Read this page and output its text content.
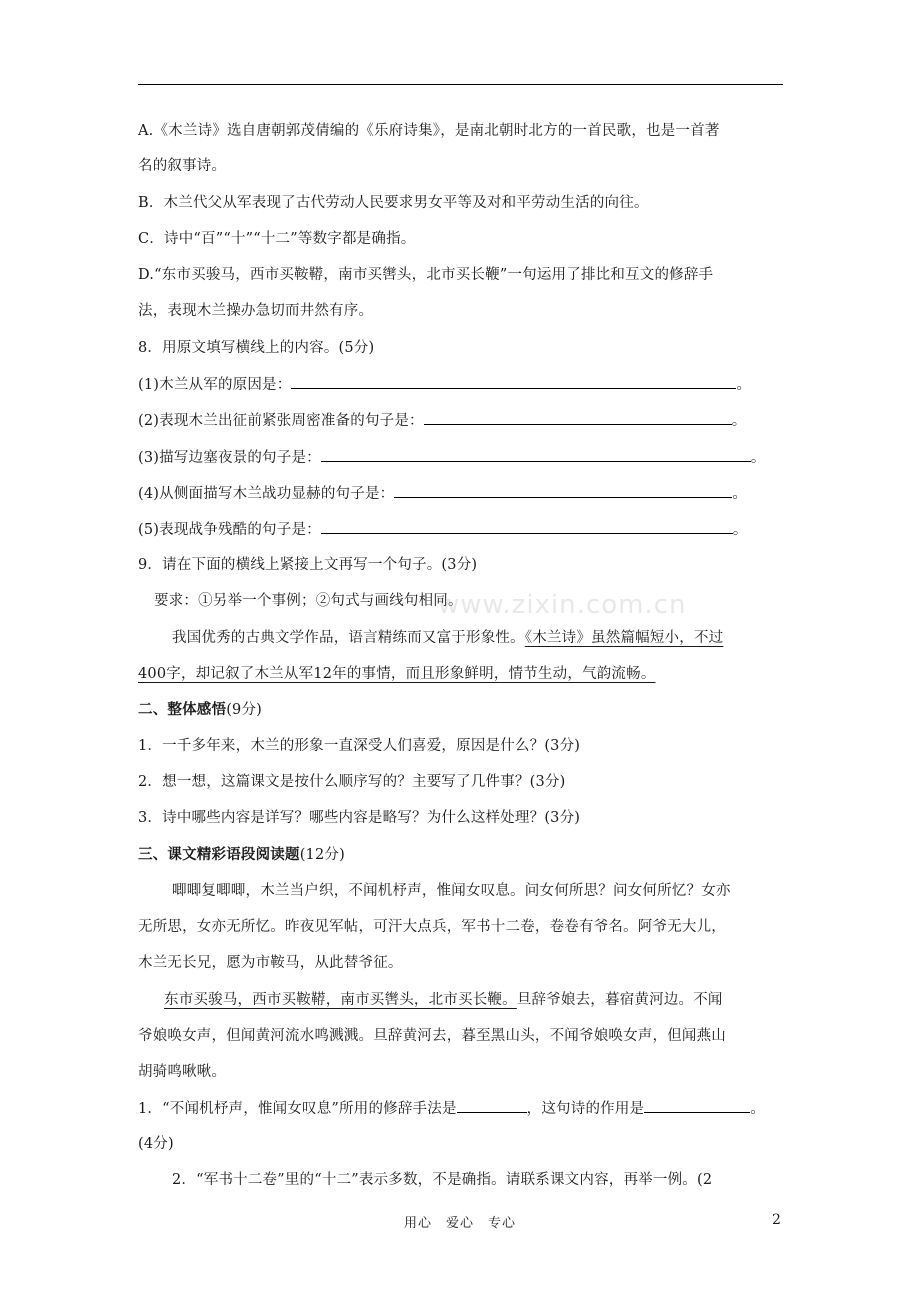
A.《木兰诗》选自唐朝郭茂倩编的《乐府诗集》，是南北朝时北方的一首民歌，也是一首著
名的叙事诗。
B．木兰代父从军表现了古代劳动人民要求男女平等及对和平劳动生活的向往。
C．诗中“百”“十”“十二”等数字都是确指。
D.“东市买骏马，西市买鞍鞯，南市买辔头，北市买长鞭”一句运用了排比和互文的修辞手
法，表现木兰操办急切而井然有序。
8．用原文填写横线上的内容。(5分)
(1)木兰从军的原因是：	。
(2)表现木兰出征前紧张周密准备的句子是：	。
(3)描写边塞夜景的句子是：	。
(4)从侧面描写木兰战功显赫的句子是：	。
(5)表现战争残酷的句子是：	。
9．请在下面的横线上紧接上文再写一个句子。(3分)
要求：①另举一个事例；②句式与画线句相同。
我国优秀的古典文学作品，语言精练而又富于形象性。《木兰诗》虽然篇幅短小，不过
400字，却记叙了木兰从军12年的事情，而且形象鲜明，情节生动，气韵流畅。
二、整体感悟(9分)
1．一千多年来，木兰的形象一直深受人们喜爱，原因是什么？(3分)
2．想一想，这篇课文是按什么顺序写的？主要写了几件事？(3分)
3．诗中哪些内容是详写？哪些内容是略写？为什么这样处理？(3分)
三、课文精彩语段阅读题(12分)
唧唧复唧唧，木兰当户织，不闻机杼声，惟闻女叹息。问女何所思？问女何所忆？女亦
无所思，女亦无所忆。昨夜见军帖，可汗大点兵，军书十二卷，卷卷有爷名。阿爷无大儿，
木兰无长兄，愿为市鞍马，从此替爷征。
东市买骏马，西市买鞍鞯，南市买辔头，北市买长鞭。旦辞爷娘去，暮宿黄河边。不闻
爷娘唤女声，但闻黄河流水鸣溅溅。旦辞黄河去，暮至黑山头，不闻爷娘唤女声，但闻燕山
胡骑鸣啾啾。
1．“不闻机杼声，惟闻女叹息”所用的修辞手法是	，这句诗的作用是	。
(4分)
2．“军书十二卷”里的“十二”表示多数，不是确指。请联系课文内容，再举一例。(2
www.zixin.com.cn
用心　爱心　专心	2
